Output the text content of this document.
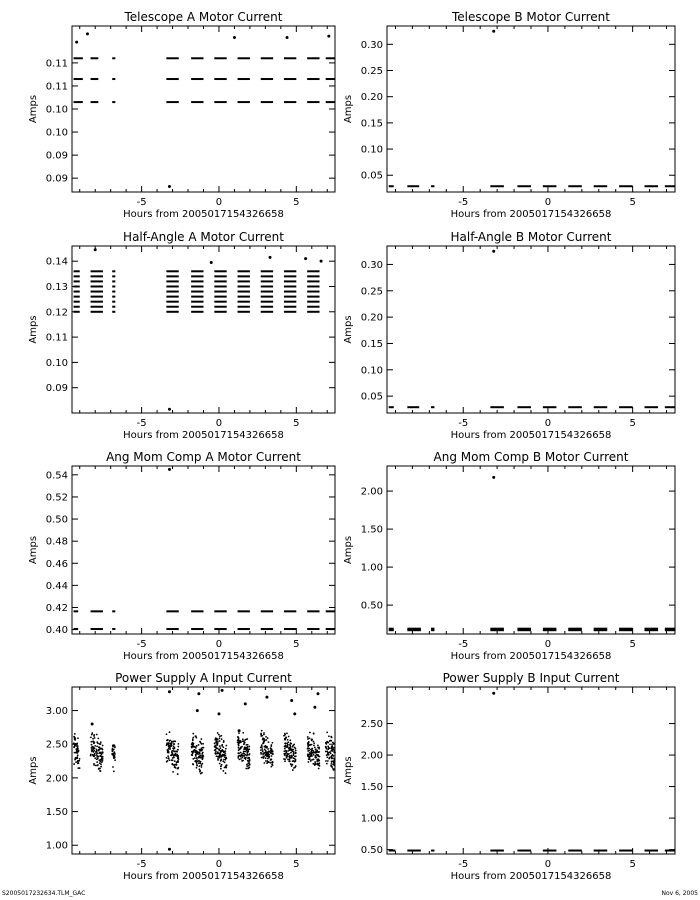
Telescope A Motor Current
Hours from 2005017154326658
Amps
-5	0	5
0.09
0.09
0.10
0.10
0.11
0.11
Telescope B Motor Current
Hours from 2005017154326658
Amps
-5	0	5
0.05
0.10
0.15
0.20
0.25
0.30
Half-Angle A Motor Current
Hours from 2005017154326658
Amps
-5	0	5
0.09
0.10
0.11
0.12
0.13
0.14
Half-Angle B Motor Current
Hours from 2005017154326658
Amps
-5	0	5
0.05
0.10
0.15
0.20
0.25
0.30
Ang Mom Comp A Motor Current
Hours from 2005017154326658
Amps
-5	0	5
0.40
0.42
0.44
0.46
0.48
0.50
0.52
0.54
Ang Mom Comp B Motor Current
Hours from 2005017154326658
Amps
-5	0	5
0.50
1.00
1.50
2.00
Power Supply A Input Current
Hours from 2005017154326658
Amps
-5	0	5
1.00
1.50
2.00
2.50
3.00
Power Supply B Input Current
Hours from 2005017154326658
Amps
-5	0	5
0.50
1.00
1.50
2.00
2.50
S2005017232634.TLM_GAC	Nov 6, 2005
